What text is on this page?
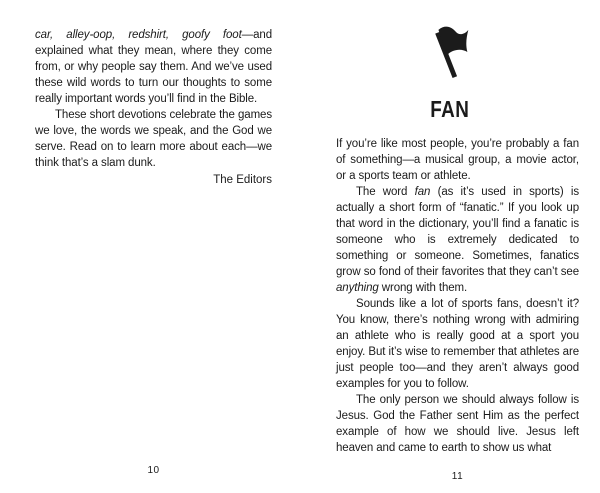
car, alley-oop, redshirt, goofy foot—and explained what they mean, where they come from, or why people say them. And we’ve used these wild words to turn our thoughts to some really important words you’ll find in the Bible.

These short devotions celebrate the games we love, the words we speak, and the God we serve. Read on to learn more about each—we think that’s a slam dunk.

The Editors
10
FAN

If you’re like most people, you’re probably a fan of something—a musical group, a movie actor, or a sports team or athlete.

The word fan (as it’s used in sports) is actually a short form of “fanatic.” If you look up that word in the dictionary, you’ll find a fanatic is someone who is extremely dedicated to something or someone. Sometimes, fanatics grow so fond of their favorites that they can’t see anything wrong with them.

Sounds like a lot of sports fans, doesn’t it? You know, there’s nothing wrong with admiring an athlete who is really good at a sport you enjoy. But it’s wise to remember that athletes are just people too—and they aren’t always good examples for you to follow.

The only person we should always follow is Jesus. God the Father sent Him as the perfect example of how we should live. Jesus left heaven and came to earth to show us what

11
